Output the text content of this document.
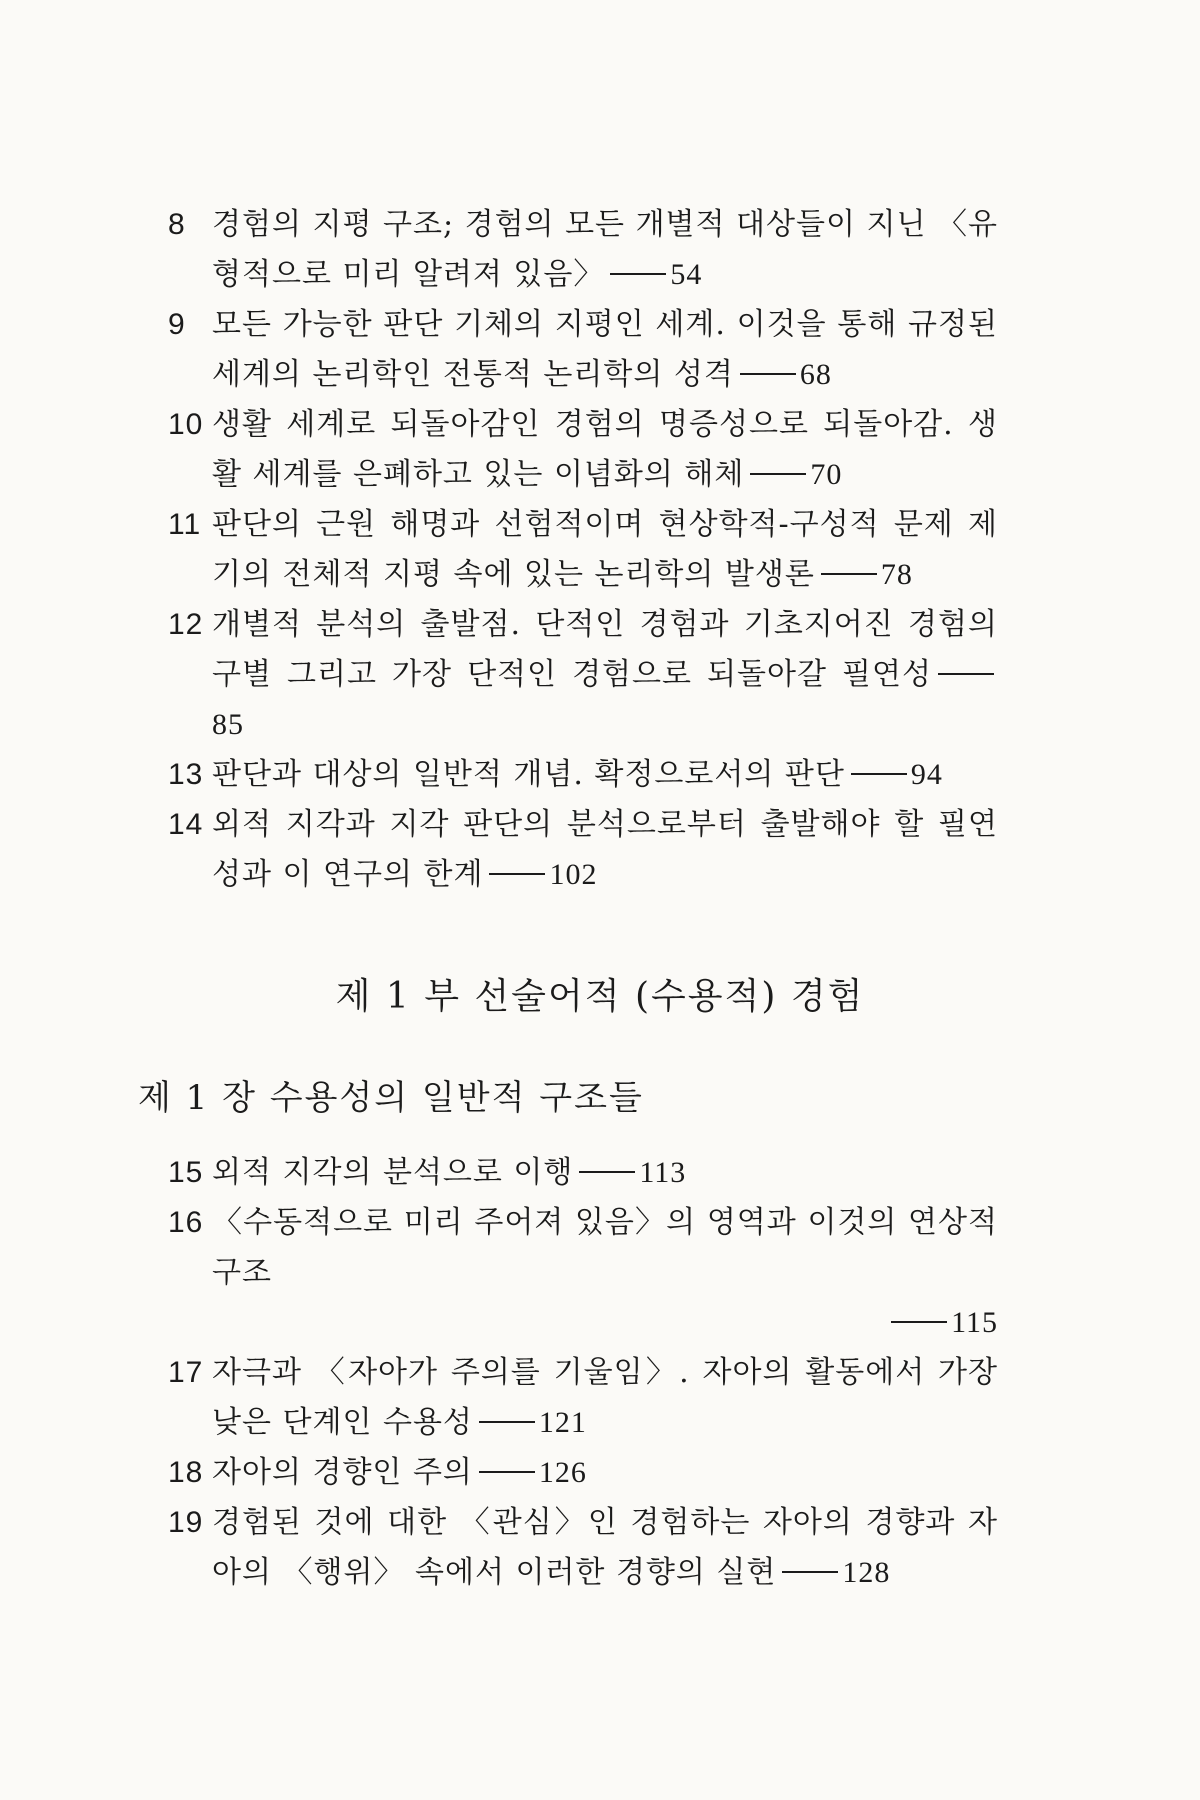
8 경험의 지평 구조; 경험의 모든 개별적 대상들이 지닌 〈유형적으로 미리 알려져 있음〉 54
9 모든 가능한 판단 기체의 지평인 세계. 이것을 통해 규정된 세계의 논리학인 전통적 논리학의 성격 68
10 생활 세계로 되돌아감인 경험의 명증성으로 되돌아감. 생활 세계를 은폐하고 있는 이념화의 해체 70
11 판단의 근원 해명과 선험적이며 현상학적-구성적 문제 제기의 전체적 지평 속에 있는 논리학의 발생론 78
12 개별적 분석의 출발점. 단적인 경험과 기초지어진 경험의 구별 그리고 가장 단적인 경험으로 되돌아갈 필연성85
13 판단과 대상의 일반적 개념. 확정으로서의 판단 94
14 외적 지각과 지각 판단의 분석으로부터 출발해야 할 필연성과 이 연구의 한계 102
제 1 부 선술어적 (수용적) 경험
제 1 장 수용성의 일반적 구조들
15 외적 지각의 분석으로 이행 113
16 〈수동적으로 미리 주어져 있음〉의 영역과 이것의 연상적 구조
115
17 자극과 〈자아가 주의를 기울임〉. 자아의 활동에서 가장 낮은 단계인 수용성 121
18 자아의 경향인 주의 126
19 경험된 것에 대한 〈관심〉인 경험하는 자아의 경향과 자아의 〈행위〉 속에서 이러한 경향의 실현 128
